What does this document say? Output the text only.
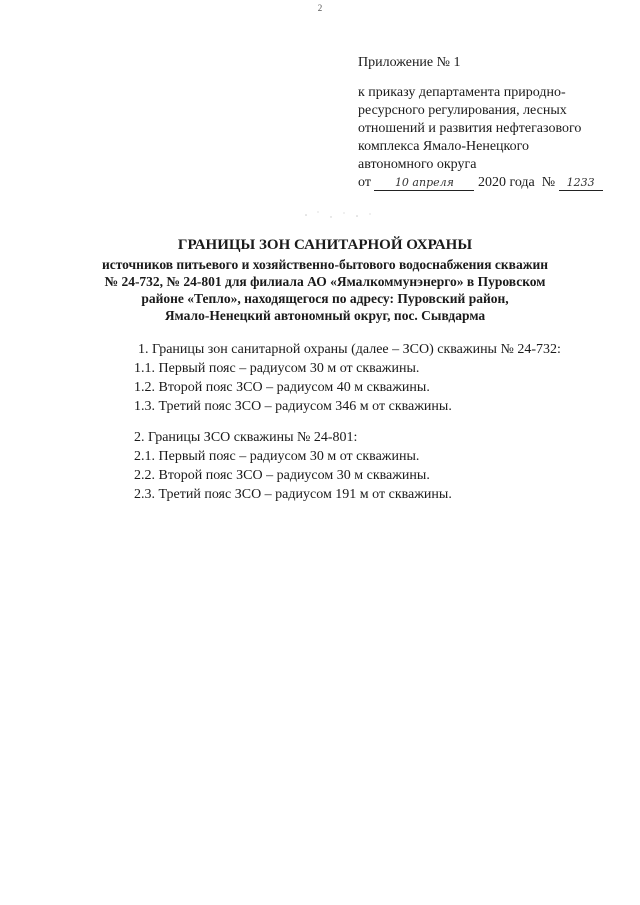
2

Приложение № 1

к приказу департамента природно-

ресурсного регулирования, лесных

отношений и развития нефтегазового

комплекса Ямало-Ненецкого

автономного округа

от 10 апреля 2020 года № 1233

ГРАНИЦЫ ЗОН САНИТАРНОЙ ОХРАНЫ

источников питьевого и хозяйственно-бытового водоснабжения скважин

№ 24-732, № 24-801 для филиала АО «Ямалкоммунэнерго» в Пуровском

районе «Тепло», находящегося по адресу: Пуровский район,

Ямало-Ненецкий автономный округ, пос. Сывдарма

1. Границы зон санитарной охраны (далее – ЗСО) скважины № 24-732:

1.1. Первый пояс – радиусом 30 м от скважины.

1.2. Второй пояс ЗСО – радиусом 40 м скважины.

1.3. Третий пояс ЗСО – радиусом 346 м от скважины.

2. Границы ЗСО скважины № 24-801:

2.1. Первый пояс – радиусом 30 м от скважины.

2.2. Второй пояс ЗСО – радиусом 30 м скважины.

2.3. Третий пояс ЗСО – радиусом 191 м от скважины.
